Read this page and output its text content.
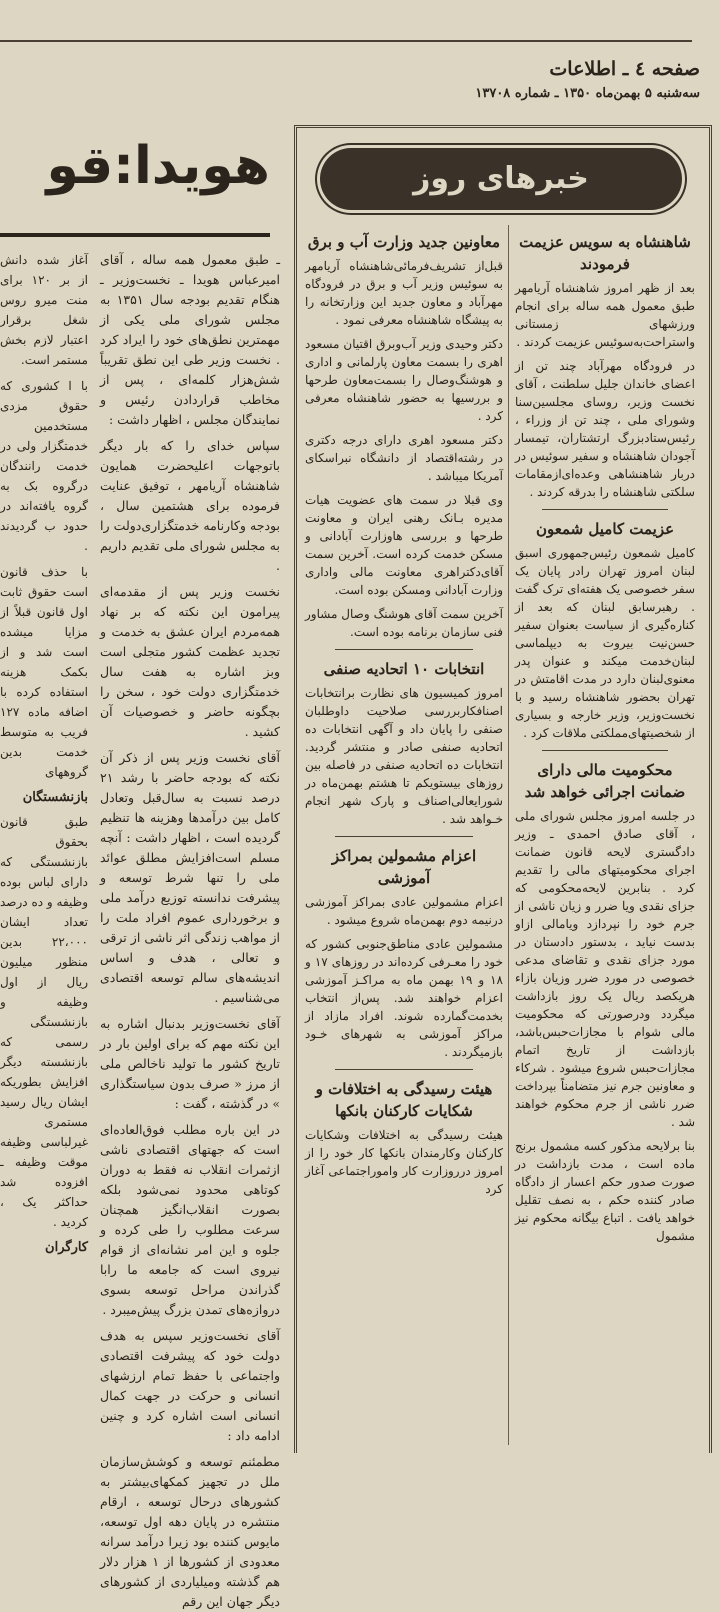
صفحه ٤ ـ اطلاعات
سه‌شنبه ۵ بهمن‌ماه ۱۳۵۰ ـ شماره ۱۳۷۰۸
هویدا:قو

ـ طبق معمول همه ساله ، آقای امیرعباس هویدا ـ نخست‌وزیر ـ هنگام تقدیم بودجه سال ۱۳۵۱ به مجلس شورای ملی یکی از مهمترین نطق‌های خود را ایراد کرد . نخست وزیر طی این نطق تقریباً شش‌هزار کلمه‌ای ، پس از مخاطب قراردادن رئیس و نمایندگان مجلس ، اظهار داشت :

سپاس خدای را که بار دیگر باتوجهات اعلیحضرت همایون شاهنشاه آریامهر ، توفیق عنایت فرموده برای هشتمین سال ، بودجه وکارنامه خدمتگزاری‌دولت را به مجلس شورای ملی تقدیم داریم .

نخست وزیر پس از مقدمه‌ای پیرامون این نکته که بر نهاد همه‌مردم ایران عشق به خدمت و تجدید عظمت کشور متجلی است وبز اشاره به هفت سال خدمتگزاری دولت خود ، سخن را بچگونه حاضر و خصوصیات آن کشید .

آقای نخست وزیر پس از ذکر آن نکته که بودجه حاضر با رشد ۲۱ درصد نسبت به سال‌قبل وتعادل کامل بین درآمدها وهزینه ها تنظیم گردیده است ، اظهار داشت : آنچه مسلم است‌افزایش مطلق عوائد ملی را تنها شرط توسعه و پیشرفت ندانسته توزیع درآمد ملی و برخورداری عموم افراد ملت را از مواهب زندگی اثر ناشی از ترقی و تعالی ، هدف و اساس اندیشه‌های سالم توسعه اقتصادی می‌شناسیم .

آقای نخست‌وزیر بدنبال اشاره به این نکته مهم که برای اولین بار در تاریخ کشور ما تولید ناخالص ملی از مرز « صرف بدون سیاستگذاری » در گذشته ، گفت :

در این باره مطلب فوق‌العاده‌ای است که جهتهای اقتصادی ناشی ازثمرات انقلاب نه فقط به دوران کوتاهی محدود نمی‌شود بلکه بصورت انقلاب‌انگیز همچنان سرعت مطلوب را طی کرده و جلوه و این امر نشانه‌ای از قوام نیروی است که جامعه ما رابا گذراندن مراحل توسعه بسوی دروازه‌های تمدن بزرگ پیش‌میبرد .

آقای نخست‌وزیر سپس به هدف دولت خود که پیشرفت اقتصادی واجتماعی با حفظ تمام ارزشهای انسانی و حرکت در جهت کمال انسانی است اشاره کرد و چنین ادامه داد :

مطمئنم توسعه و کوشش‌سازمان ملل در تجهیز کمکهای‌بیشتر به کشورهای درحال توسعه ، ارقام منتشره در پایان دهه اول توسعه، مایوس کننده بود زیرا درآمد سرانه معدودی از کشورها از ۱ هزار دلار هم گذشته ومیلیاردی از کشورهای دیگر جهان این رقم

آغاز شده دانش از بر ۱۲۰ برای منت میرو روس شغل برقرار اعتبار لازم بخش مستمر است.

با ا کشوری که حقوق مزدی مستخدمین خدمتگزار ولی در خدمت رانندگان درگروه بک به گروه یافته‌اند در حدود ب گردیدند .

با حذف قانون است حقوق ثابت اول قانون قبلاً از مزایا میشده است شد و از بکمک هزینه استفاده کرده با اضافه ماده ۱۲۷ فریب به متوسط خدمت بدین گروههای

بازنشستگان

طبق قانون بحقوق بازنشستگی که دارای لباس بوده وظیفه و ده درصد تعداد ایشان ۲۲،۰۰۰ بدین منظور میلیون ریال از اول وظیفه و بازنشستگی رسمی که بازنشسته دیگر افزایش بطوریکه ایشان ریال رسید مستمری غیرلباسی وظیفه موقت وظیفه ـ افزوده شد حداکثر یک ، کردید .

کارگران
خبرهای روز
شاهنشاه به سویس عزیمت فرمودند

بعد از ظهر امروز شاهنشاه آریامهر طبق معمول همه ساله برای انجام ورزشهای زمستانی واستراحت‌به‌سوئیس عزیمت کردند .

در فرودگاه مهرآباد چند تن از اعضای خاندان جلیل سلطنت ، آقای نخست وزیر، روسای مجلسین‌سنا وشورای ملی ، چند تن از وزراء ، رئیس‌ستادبزرگ ارتشتاران، تیمسار آجودان شاهنشاه و سفیر سوئیس در دربار شاهنشاهی وعده‌ای‌ازمقامات سلکتی شاهنشاه را بدرقه کردند .

عزیمت کامیل شمعون

کامیل شمعون رئیس‌جمهوری اسبق لبنان امروز تهران رادر پایان یک سفر خصوصی یک هفته‌ای ترک گفت . رهبرسابق لبنان که بعد از کناره‌گیری از سیاست بعنوان سفیر حسن‌نیت بیروت به دیپلماسی لبنان‌خدمت میکند و عنوان پدر معنوی‌لبنان دارد در مدت اقامتش در تهران بحضور شاهنشاه رسید و با نخست‌وزیر، وزیر خارجه و بسیاری از شخصیتهای‌مملکتی ملاقات کرد .

محکومیت مالی دارای ضمانت اجرائی خواهد شد

در جلسه امروز مجلس شورای ملی ، آقای صادق احمدی ـ وزیر دادگستری لایحه قانون ضمانت اجرای محکومیتهای مالی را تقدیم کرد . بنابرین لایحه‌محکومی که جزای نقدی ویا ضرر و زیان ناشی از جرم خود را نپردازد ویامالی ازاو بدست نیاید ، بدستور دادستان در مورد جزای نقدی و تقاضای مدعی خصوصی در مورد ضرر وزیان بازاء هریکصد ریال یک روز بازداشت میگردد ودرصورتی که محکومیت مالی شوام با مجازات‌حبس‌باشد، بازداشت از تاریخ اتمام مجازات‌حبس شروع میشود . شرکاء و معاونین جرم نیز متضامناً بپرداخت ضرر ناشی از جرم محکوم خواهند شد .

بنا برلایحه مذکور کسه مشمول برنج ماده است ، مدت بازداشت در صورت صدور حکم اعسار از دادگاه صادر کننده حکم ، به نصف تقلیل خواهد یافت . اتباع بیگانه محکوم نیز مشمول

معاونین جدید وزارت آب و برق

قبل‌از تشریف‌فرمائی‌شاهنشاه آریامهر به سوئیس وزیر آب و برق در فرودگاه مهرآباد و معاون جدید این وزارتخانه را به پیشگاه شاهنشاه معرفی نمود .

دکتر وحیدی وزیر آب‌وبرق اقتیان مسعود اهری را بسمت معاون پارلمانی و اداری و هوشنگ‌وصال را بسمت‌معاون طرحها و بررسیها به حضور شاهنشاه معرفی کرد .

دکتر مسعود اهری دارای درجه دکتری در رشته‌اقتصاد از دانشگاه‌ نبراسکای آمریکا میباشد .

وی قبلا در سمت های عضویت هیات مدیره بـانک رهنی ایران و معاونت طرحها و بررسی هاوزارت آبادانی و مسکن خدمت کرده است. آخرین سمت آقای‌دکتراهری معاونت مالی واداری وزارت آبادانی ومسکن بوده است.

آخرین سمت آقای هوشنگ وصال مشاور فنی سازمان برنامه بوده است.

انتخابات ۱۰ اتحادیه صنفی

امروز کمیسیون های نظارت برانتخابات اصنافکاربررسی صلاحیت داوطلبان صنفی را پایان داد و آگهی انتخابات ده اتحادیه صنفی صادر و منتشر گردید. انتخابات ده اتحادیه صنفی در فاصله بین روزهای بیستویکم‌ تا هشتم بهمن‌ماه در شورایعالی‌اصناف و پارک شهر انجام خـواهد شد .

اعزام مشمولین بمراکز آموزشی

اعزام مشمولین عادی بمراکز آموزشی درنیمه دوم بهمن‌ماه شروع میشود .

مشمولین عادی مناطق‌جنوبی کشور که خود را معـرفی کرده‌اند در روزهای ۱۷ و ۱۸ و ۱۹ بهمن ماه به مراکـز آموزشی اعزام خواهند شد. پس‌از انتخاب بخدمت‌گمارده شوند. افراد مازاد از مراکز آموزشی به شهرهای خـود بازمیگردند .

هیئت رسیدگی به اختلافات و شکایات کارکنان بانکها

هیئت رسیدگی به اختلافات وشکایات کارکنان وکارمندان بانکها کار خود را از امروز درروزارت کار وامور‌اجتماعی آغاز کرد
